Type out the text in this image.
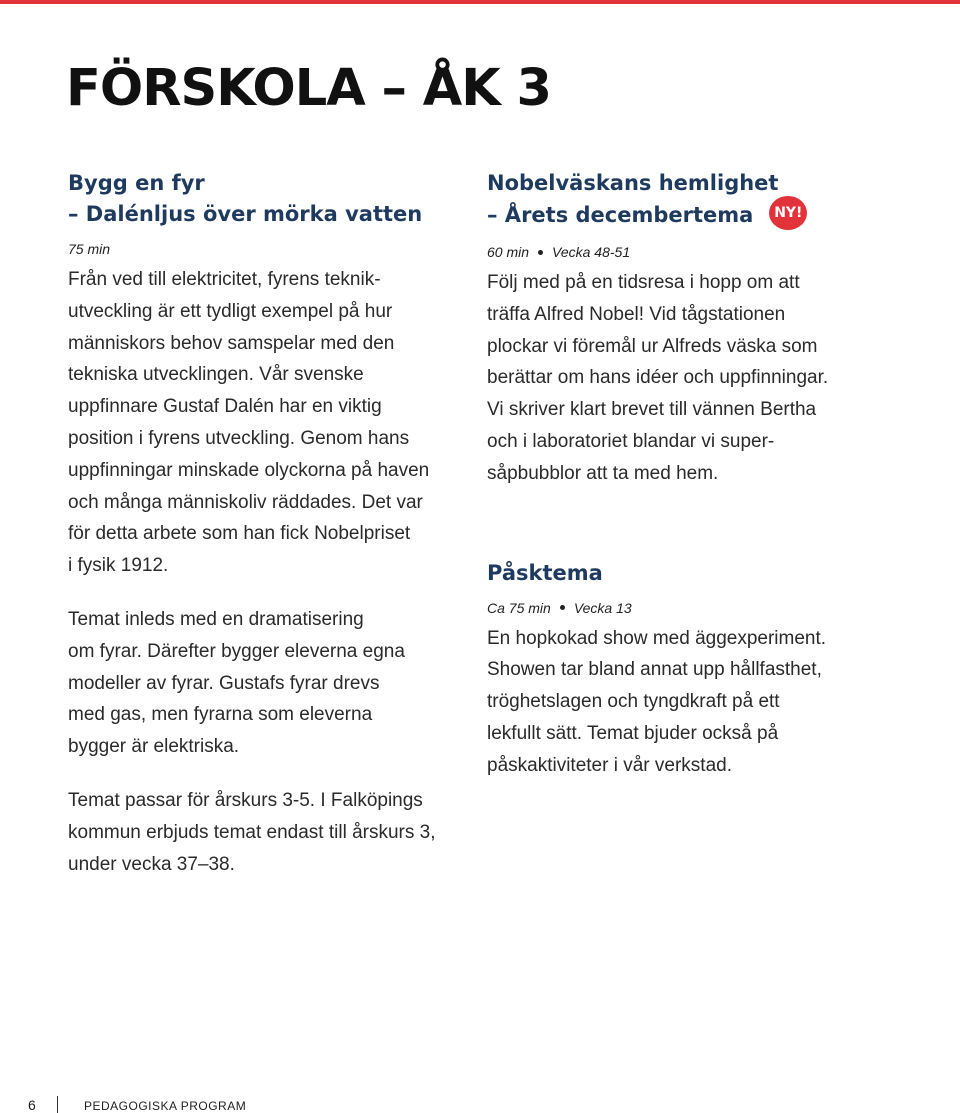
FÖRSKOLA – ÅK 3
Bygg en fyr
– Dalénljus över mörka vatten
75 min

Från ved till elektricitet, fyrens teknik-
utveckling är ett tydligt exempel på hur
människors behov samspelar med den
tekniska utvecklingen. Vår svenske
uppfinnare Gustaf Dalén har en viktig
position i fyrens utveckling. Genom hans
uppfinningar minskade olyckorna på haven
och många människoliv räddades. Det var
för detta arbete som han fick Nobelpriset
i fysik 1912.

Temat inleds med en dramatisering
om fyrar. Därefter bygger eleverna egna
modeller av fyrar. Gustafs fyrar drevs
med gas, men fyrarna som eleverna
bygger är elektriska.

Temat passar för årskurs 3-5. I Falköpings
kommun erbjuds temat endast till årskurs 3,
under vecka 37–38.

Nobelväskans hemlighet
– Årets decembertema NY!
60 min Vecka 48-51

Följ med på en tidsresa i hopp om att
träffa Alfred Nobel! Vid tågstationen
plockar vi föremål ur Alfreds väska som
berättar om hans idéer och uppfinningar.
Vi skriver klart brevet till vännen Bertha
och i laboratoriet blandar vi super-
såpbubblor att ta med hem.

Påsktema
Ca 75 min Vecka 13

En hopkokad show med äggexperiment.
Showen tar bland annat upp hållfasthet,
tröghetslagen och tyngdkraft på ett
lekfullt sätt. Temat bjuder också på
påskaktiviteter i vår verkstad.

6	PEDAGOGISKA PROGRAM
